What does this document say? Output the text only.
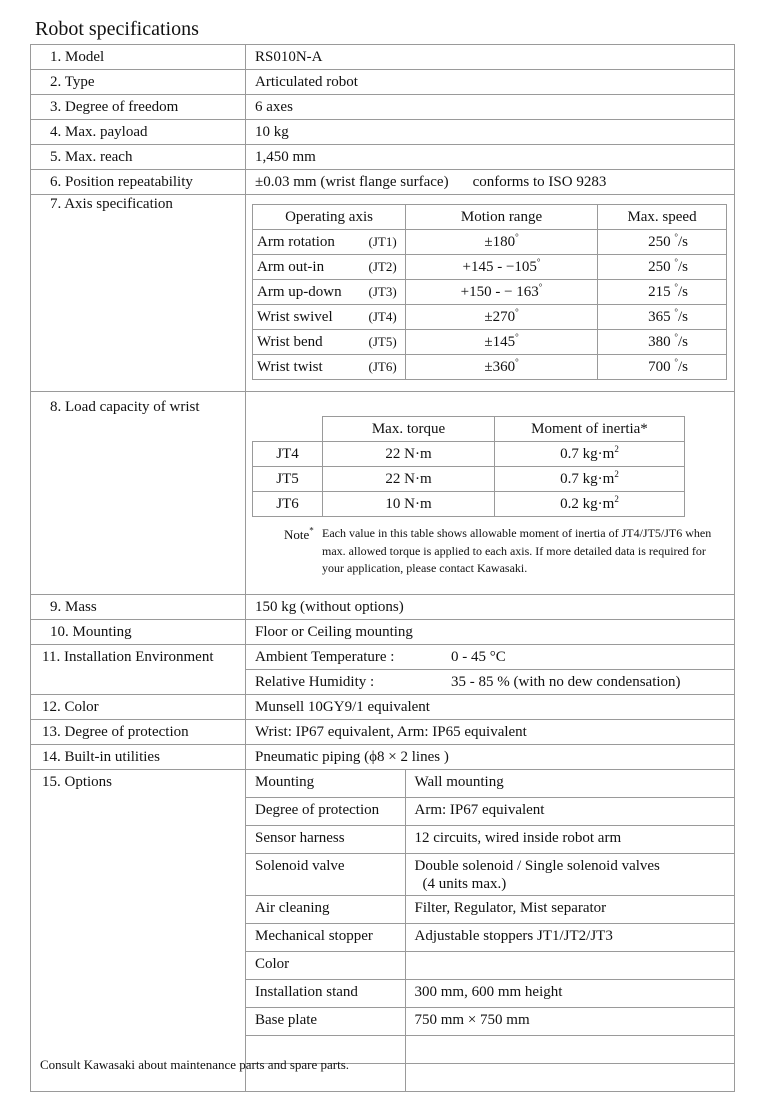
Robot specifications
1. Model	RS010N-A
2. Type	Articulated robot
3. Degree of freedom	6 axes
4. Max. payload	10 kg
5. Max. reach	1,450 mm
6. Position repeatability	±0.03 mm (wrist flange surface) conforms to ISO 9283
7. Axis specification	
Operating axis	Motion range	Max. speed
Arm rotation	(JT1)	±180°	250 °/s
Arm out-in	(JT2)	+145 - −105°	250 °/s
Arm up-down	(JT3)	+150 - − 163°	215 °/s
Wrist swivel	(JT4)	±270°	365 °/s
Wrist bend	(JT5)	±145°	380 °/s
Wrist twist	(JT6)	±360°	700 °/s

8. Load capacity of wrist	
	Max. torque	Moment of inertia*
JT4	22 N·m	0.7 $kg\cdot m^2$
JT5	22 N·m	0.7 $kg\cdot m^2$
JT6	10 N·m	0.2 $kg\cdot m^2$
Note* Each value in this table shows allowable moment of inertia of JT4/JT5/JT6 when max. allowed torque is applied to each axis. If more detailed data is required for your application, please contact Kawasaki.

9. Mass	150 kg (without options)
10. Mounting	Floor or Ceiling mounting
11. Installation Environment	Ambient Temperature :	0 - 45 °C
Relative Humidity :	35 - 85 % (with no dew condensation)
12. Color	Munsell 10GY9/1 equivalent
13. Degree of protection	Wrist: IP67 equivalent, Arm: IP65 equivalent
14. Built-in utilities	Pneumatic piping (ϕ8 × 2 lines )
15. Options		Mounting	Wall mounting
Degree of protection	Arm: IP67 equivalent
Sensor harness	12 circuits, wired inside robot arm
Solenoid valve	Double solenoid / Single solenoid valves
(4 units max.)

Air cleaning	Filter, Regulator, Mist separator
Mechanical stopper	Adjustable stoppers JT1/JT2/JT3
Color	
Installation stand	300 mm, 600 mm height
Base plate	750 mm × 750 mm

Consult Kawasaki about maintenance parts and spare parts.
